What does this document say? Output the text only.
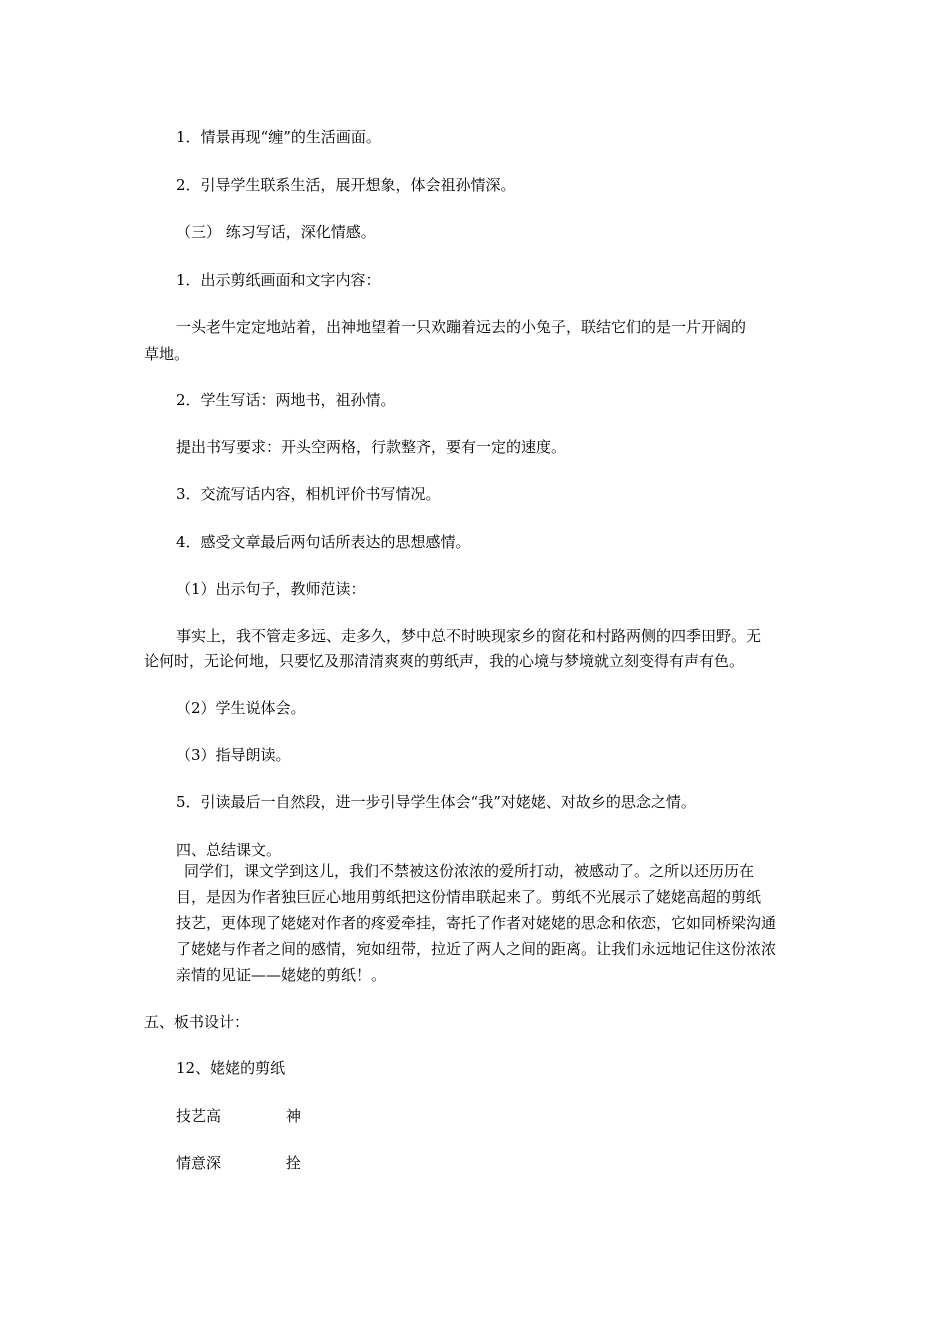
1．情景再现“缠”的生活画面。

2．引导学生联系生活，展开想象，体会祖孙情深。

（三） 练习写话，深化情感。

1．出示剪纸画面和文字内容：

一头老牛定定地站着，出神地望着一只欢蹦着远去的小兔子，联结它们的是一片开阔的

草地。

2．学生写话：两地书，祖孙情。

提出书写要求：开头空两格，行款整齐，要有一定的速度。

3．交流写话内容，相机评价书写情况。

4．感受文章最后两句话所表达的思想感情。

（1）出示句子，教师范读：

事实上，我不管走多远、走多久，梦中总不时映现家乡的窗花和村路两侧的四季田野。无

论何时，无论何地，只要忆及那清清爽爽的剪纸声，我的心境与梦境就立刻变得有声有色。

（2）学生说体会。

（3）指导朗读。

5．引读最后一自然段，进一步引导学生体会“我”对姥姥、对故乡的思念之情。

四、总结课文。

同学们，课文学到这儿，我们不禁被这份浓浓的爱所打动，被感动了。之所以还历历在
目，是因为作者独巨匠心地用剪纸把这份情串联起来了。剪纸不光展示了姥姥高超的剪纸
技艺，更体现了姥姥对作者的疼爱牵挂，寄托了作者对姥姥的思念和依恋，它如同桥梁沟通
了姥姥与作者之间的感情，宛如纽带，拉近了两人之间的距离。让我们永远地记住这份浓浓
亲情的见证——姥姥的剪纸！。

五、板书设计：

12、姥姥的剪纸

技艺高	神
情意深	拴
